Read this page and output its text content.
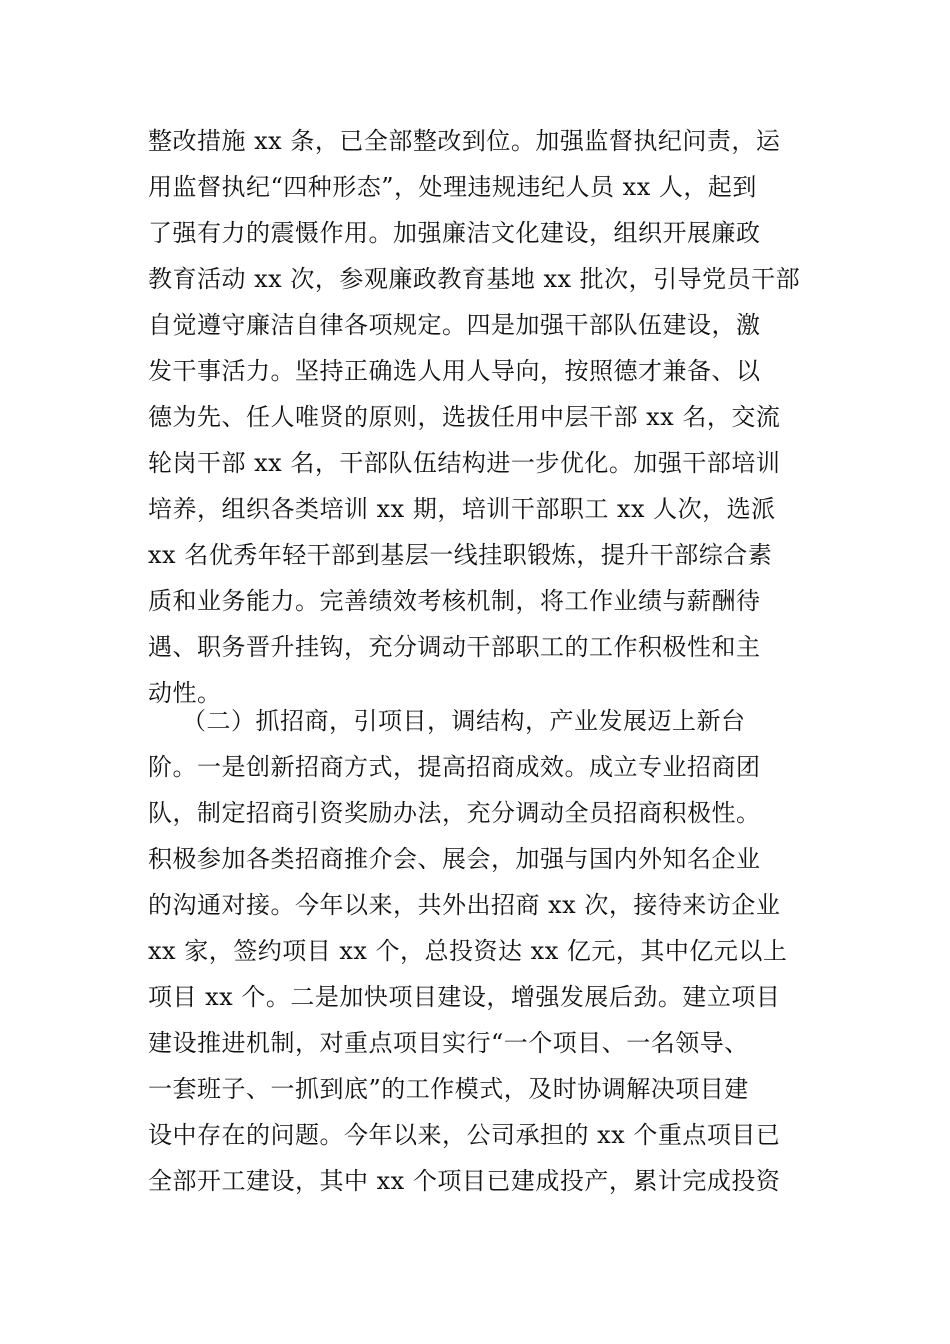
整改措施 xx 条，已全部整改到位。加强监督执纪问责，运
用监督执纪“四种形态”，处理违规违纪人员 xx 人，起到
了强有力的震慑作用。加强廉洁文化建设，组织开展廉政
教育活动 xx 次，参观廉政教育基地 xx 批次，引导党员干部
自觉遵守廉洁自律各项规定。四是加强干部队伍建设，激
发干事活力。坚持正确选人用人导向，按照德才兼备、以
德为先、任人唯贤的原则，选拔任用中层干部 xx 名，交流
轮岗干部 xx 名，干部队伍结构进一步优化。加强干部培训
培养，组织各类培训 xx 期，培训干部职工 xx 人次，选派
xx 名优秀年轻干部到基层一线挂职锻炼，提升干部综合素
质和业务能力。完善绩效考核机制，将工作业绩与薪酬待
遇、职务晋升挂钩，充分调动干部职工的工作积极性和主
动性。
（二）抓招商，引项目，调结构，产业发展迈上新台
阶。一是创新招商方式，提高招商成效。成立专业招商团
队，制定招商引资奖励办法，充分调动全员招商积极性。
积极参加各类招商推介会、展会，加强与国内外知名企业
的沟通对接。今年以来，共外出招商 xx 次，接待来访企业
xx 家，签约项目 xx 个，总投资达 xx 亿元，其中亿元以上
项目 xx 个。二是加快项目建设，增强发展后劲。建立项目
建设推进机制，对重点项目实行“一个项目、一名领导、
一套班子、一抓到底”的工作模式，及时协调解决项目建
设中存在的问题。今年以来，公司承担的 xx 个重点项目已
全部开工建设，其中 xx 个项目已建成投产，累计完成投资
